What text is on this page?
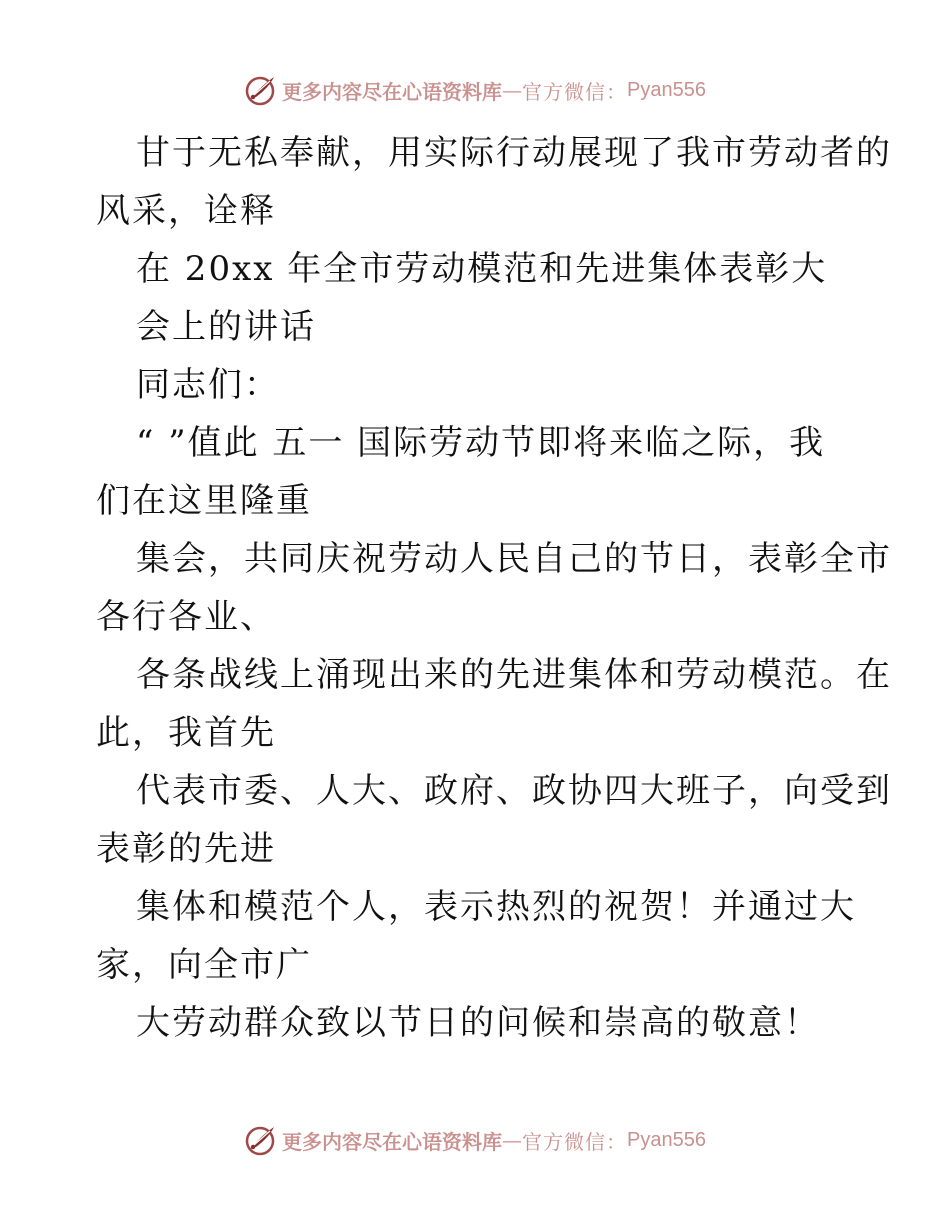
更多内容尽在心语资料库 — 官方微信： Pyan556
甘于无私奉献，用实际行动展现了我市劳动者的
风采，诠释
在 20xx 年全市劳动模范和先进集体表彰大
会上的讲话
同志们：
“ ”值此 五一 国际劳动节即将来临之际，我
们在这里隆重
集会，共同庆祝劳动人民自己的节日，表彰全市
各行各业、
各条战线上涌现出来的先进集体和劳动模范。在
此，我首先
代表市委、人大、政府、政协四大班子，向受到
表彰的先进
集体和模范个人，表示热烈的祝贺！并通过大
家，向全市广
大劳动群众致以节日的问候和崇高的敬意！
更多内容尽在心语资料库 — 官方微信： Pyan556
